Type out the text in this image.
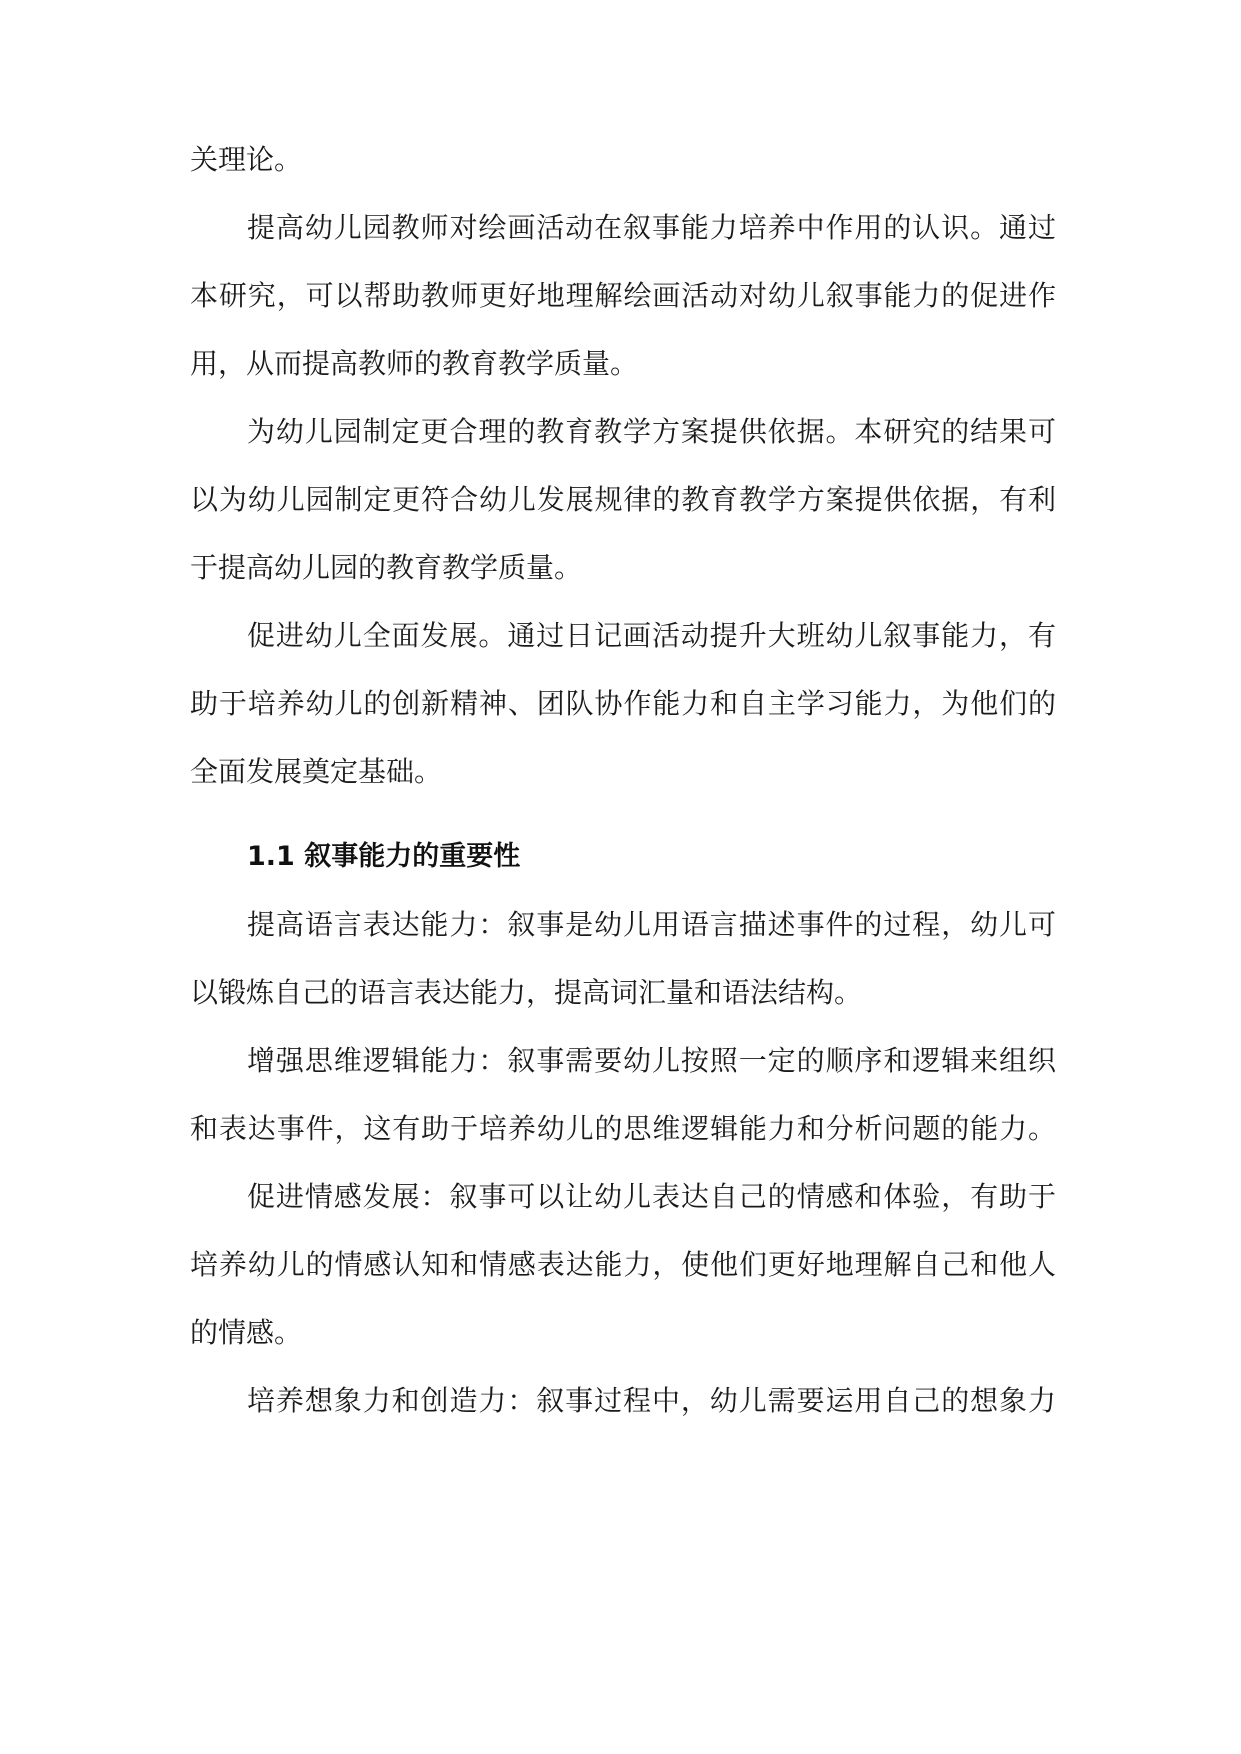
关理论。
提高幼儿园教师对绘画活动在叙事能力培养中作用的认识。通过
本研究，可以帮助教师更好地理解绘画活动对幼儿叙事能力的促进作
用，从而提高教师的教育教学质量。
为幼儿园制定更合理的教育教学方案提供依据。本研究的结果可
以为幼儿园制定更符合幼儿发展规律的教育教学方案提供依据，有利
于提高幼儿园的教育教学质量。
促进幼儿全面发展。通过日记画活动提升大班幼儿叙事能力，有
助于培养幼儿的创新精神、团队协作能力和自主学习能力，为他们的
全面发展奠定基础。
1.1 叙事能力的重要性
提高语言表达能力：叙事是幼儿用语言描述事件的过程，幼儿可
以锻炼自己的语言表达能力，提高词汇量和语法结构。
增强思维逻辑能力：叙事需要幼儿按照一定的顺序和逻辑来组织
和表达事件，这有助于培养幼儿的思维逻辑能力和分析问题的能力。
促进情感发展：叙事可以让幼儿表达自己的情感和体验，有助于
培养幼儿的情感认知和情感表达能力，使他们更好地理解自己和他人
的情感。
培养想象力和创造力：叙事过程中，幼儿需要运用自己的想象力
